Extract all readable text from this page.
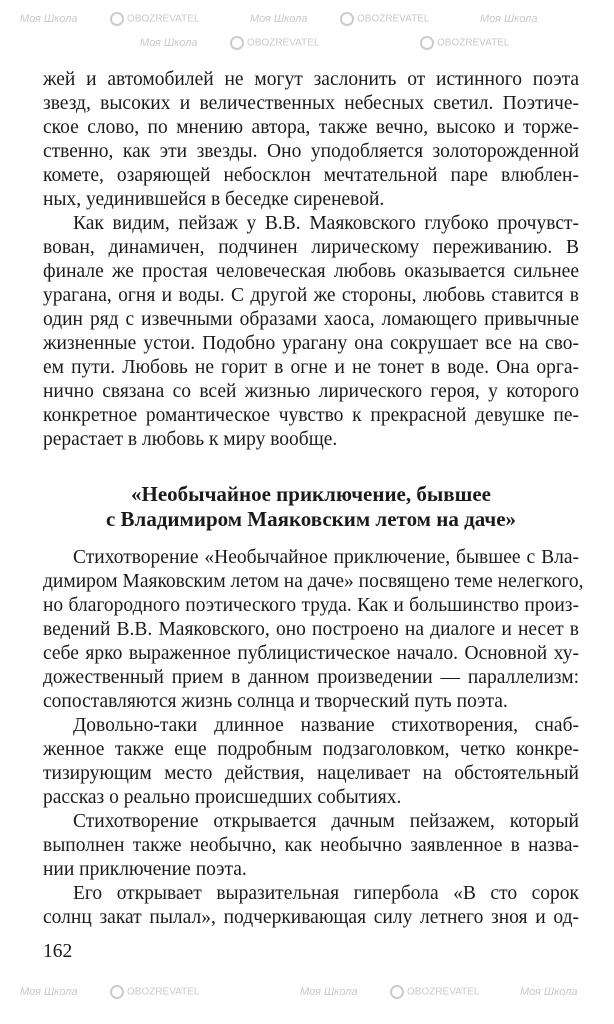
Моя Школа	OBOZREVATEL	Моя Школа	OBOZREVATEL	Моя Школа
Моя Школа	OBOZREVATEL	OBOZREVATEL
Моя Школа	OBOZREVATEL	Моя Школа	OBOZREVATEL	Моя Школа
жей и автомобилей не могут заслонить от истинного поэта
звезд, высоких и величественных небесных светил. Поэтиче-
ское слово, по мнению автора, также вечно, высоко и торже-
ственно, как эти звезды. Оно уподобляется золоторожденной
комете, озаряющей небосклон мечтательной паре влюблен-
ных, уединившейся в беседке сиреневой.
Как видим, пейзаж у В.В. Маяковского глубоко прочувст-
вован, динамичен, подчинен лирическому переживанию. В
финале же простая человеческая любовь оказывается сильнее
урагана, огня и воды. С другой же стороны, любовь ставится в
один ряд с извечными образами хаоса, ломающего привычные
жизненные устои. Подобно урагану она сокрушает все на сво-
ем пути. Любовь не горит в огне и не тонет в воде. Она орга-
нично связана со всей жизнью лирического героя, у которого
конкретное романтическое чувство к прекрасной девушке пе-
рерастает в любовь к миру вообще.
«Необычайное приключение, бывшее
с Владимиром Маяковским летом на даче»
Стихотворение «Необычайное приключение, бывшее с Вла-
димиром Маяковским летом на даче» посвящено теме нелегкого,
но благородного поэтического труда. Как и большинство произ-
ведений В.В. Маяковского, оно построено на диалоге и несет в
себе ярко выраженное публицистическое начало. Основной ху-
дожественный прием в данном произведении — параллелизм:
сопоставляются жизнь солнца и творческий путь поэта.
Довольно-таки длинное название стихотворения, снаб-
женное также еще подробным подзаголовком, четко конкре-
тизирующим место действия, нацеливает на обстоятельный
рассказ о реально происшедших событиях.
Стихотворение открывается дачным пейзажем, который
выполнен также необычно, как необычно заявленное в назва-
нии приключение поэта.
Его открывает выразительная гипербола «В сто сорок
солнц закат пылал», подчеркивающая силу летнего зноя и од-
162
